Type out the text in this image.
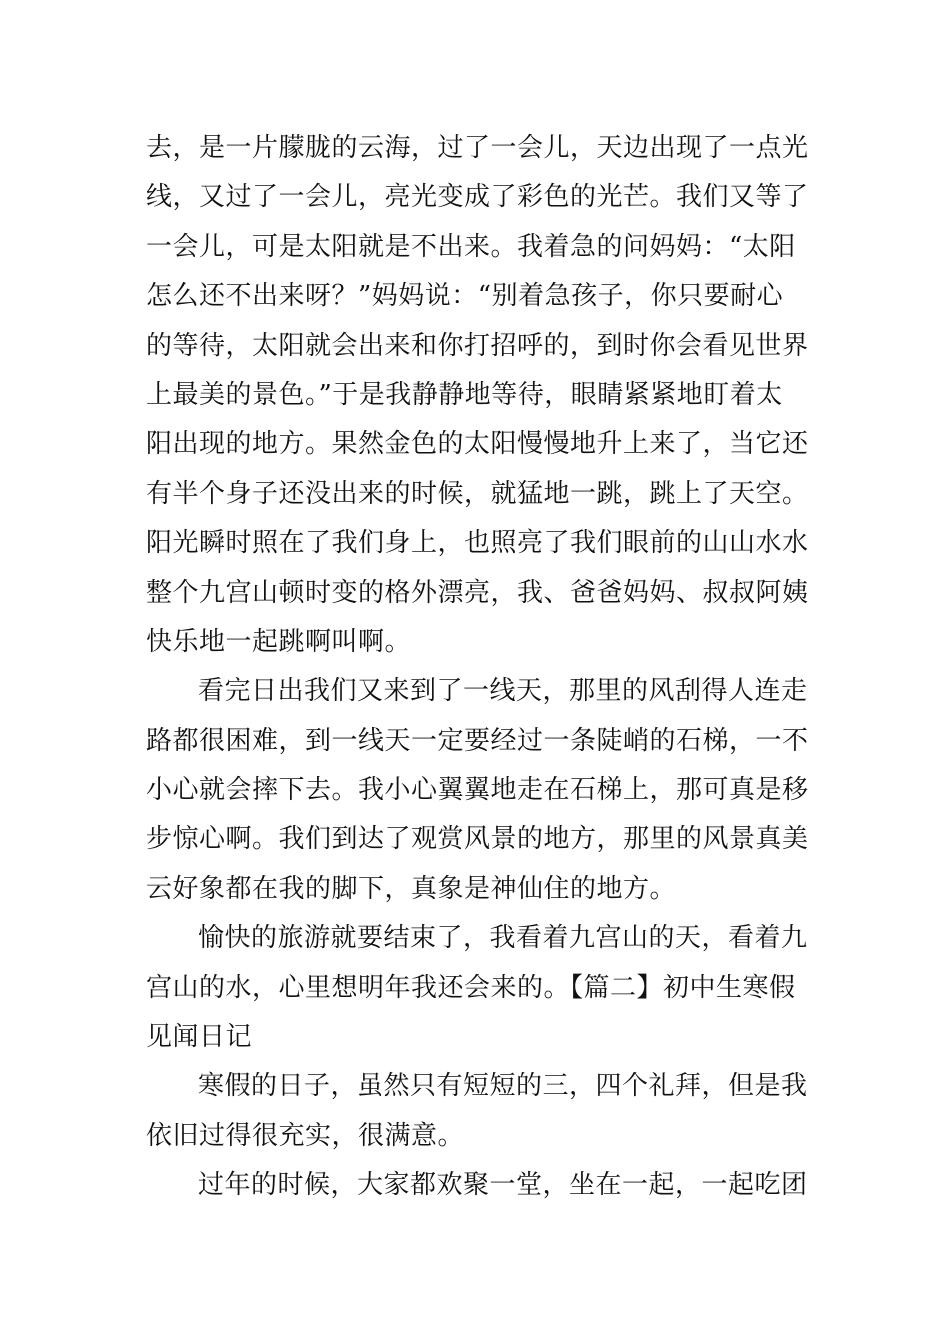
去，是一片朦胧的云海，过了一会儿，天边出现了一点光
线，又过了一会儿，亮光变成了彩色的光芒。我们又等了
一会儿，可是太阳就是不出来。我着急的问妈妈：“太阳
怎么还不出来呀？”妈妈说：“别着急孩子，你只要耐心
的等待，太阳就会出来和你打招呼的，到时你会看见世界
上最美的景色。”于是我静静地等待，眼睛紧紧地盯着太
阳出现的地方。果然金色的太阳慢慢地升上来了，当它还
有半个身子还没出来的时候，就猛地一跳，跳上了天空。
阳光瞬时照在了我们身上，也照亮了我们眼前的山山水水
整个九宫山顿时变的格外漂亮，我、爸爸妈妈、叔叔阿姨
快乐地一起跳啊叫啊。
看完日出我们又来到了一线天，那里的风刮得人连走
路都很困难，到一线天一定要经过一条陡峭的石梯，一不
小心就会摔下去。我小心翼翼地走在石梯上，那可真是移
步惊心啊。我们到达了观赏风景的地方，那里的风景真美
云好象都在我的脚下，真象是神仙住的地方。
愉快的旅游就要结束了，我看着九宫山的天，看着九
宫山的水，心里想明年我还会来的。【篇二】初中生寒假
见闻日记
寒假的日子，虽然只有短短的三，四个礼拜，但是我
依旧过得很充实，很满意。
过年的时候，大家都欢聚一堂，坐在一起，一起吃团
